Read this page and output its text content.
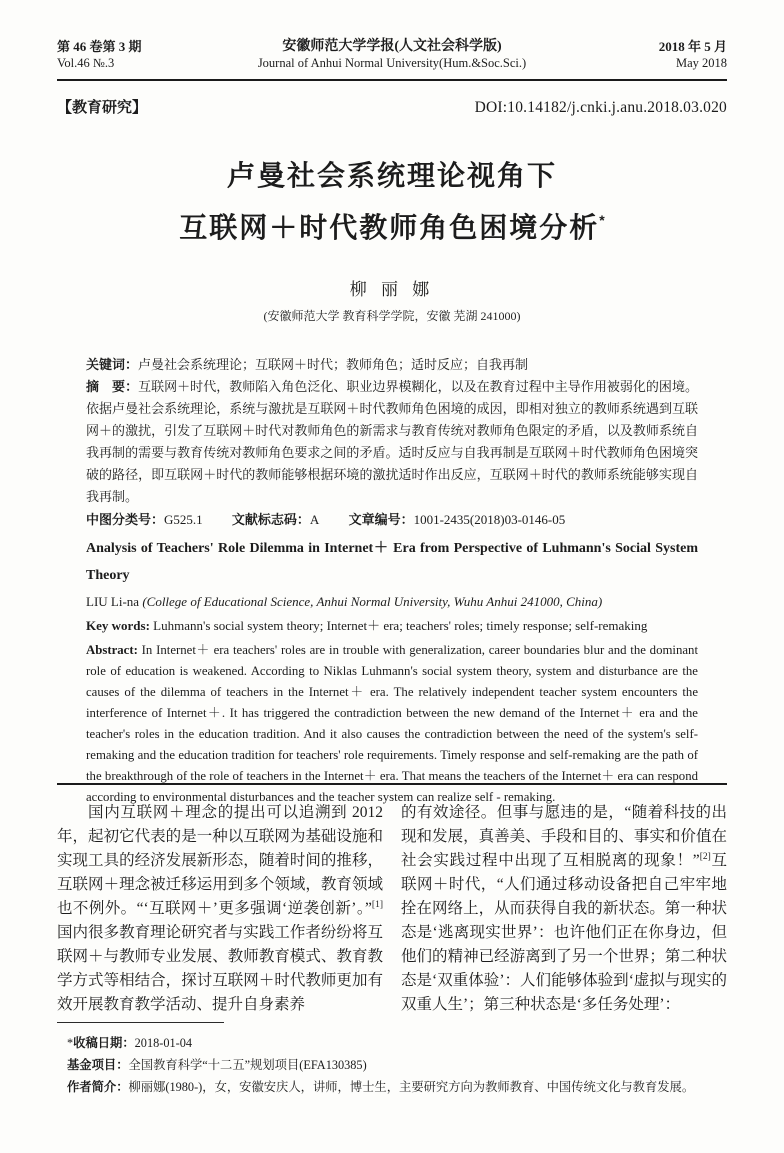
第 46 卷第 3 期
Vol.46 №.3
安徽师范大学学报(人文社会科学版)
Journal of Anhui Normal University(Hum.&Soc.Sci.)
2018 年 5 月
May 2018
【教育研究】	DOI:10.14182/j.cnki.j.anu.2018.03.020
卢曼社会系统理论视角下
互联网＋时代教师角色困境分析*
柳 丽 娜
(安徽师范大学 教育科学学院，安徽 芜湖 241000)
关键词：卢曼社会系统理论；互联网＋时代；教师角色；适时反应；自我再制
摘　要：互联网＋时代，教师陷入角色泛化、职业边界模糊化，以及在教育过程中主导作用被弱化的困境。依据卢曼社会系统理论，系统与激扰是互联网＋时代教师角色困境的成因，即相对独立的教师系统遇到互联网＋的激扰，引发了互联网＋时代对教师角色的新需求与教育传统对教师角色限定的矛盾，以及教师系统自我再制的需要与教育传统对教师角色要求之间的矛盾。适时反应与自我再制是互联网＋时代教师角色困境突破的路径，即互联网＋时代的教师能够根据环境的激扰适时作出反应，互联网＋时代的教师系统能够实现自我再制。
中图分类号：G525.1 文献标志码：A 文章编号：1001-2435(2018)03-0146-05
Analysis of Teachers' Role Dilemma in Internet＋ Era from Perspective of Luhmann's Social System Theory
LIU Li-na (College of Educational Science, Anhui Normal University, Wuhu Anhui 241000, China)
Key words: Luhmann's social system theory; Internet＋ era; teachers' roles; timely response; self-remaking
Abstract: In Internet＋ era teachers' roles are in trouble with generalization, career boundaries blur and the dominant role of education is weakened. According to Niklas Luhmann's social system theory, system and disturbance are the causes of the dilemma of teachers in the Internet＋ era. The relatively independent teacher system encounters the interference of Internet＋. It has triggered the contradiction between the new demand of the Internet＋ era and the teacher's roles in the education tradition. And it also causes the contradiction between the need of the system's self-remaking and the education tradition for teachers' role requirements. Timely response and self-remaking are the path of the breakthrough of the role of teachers in the Internet＋ era. That means the teachers of the Internet＋ era can respond according to environmental disturbances and the teacher system can realize self - remaking.

国内互联网＋理念的提出可以追溯到 2012 年，起初它代表的是一种以互联网为基础设施和实现工具的经济发展新形态，随着时间的推移，互联网＋理念被迁移运用到多个领域，教育领域也不例外。“‘互联网＋’更多强调‘逆袭创新’。”[1]国内很多教育理论研究者与实践工作者纷纷将互联网＋与教师专业发展、教师教育模式、教育教学方式等相结合，探讨互联网＋时代教师更加有效开展教育教学活动、提升自身素养

的有效途径。但事与愿违的是，“随着科技的出现和发展，真善美、手段和目的、事实和价值在社会实践过程中出现了互相脱离的现象！”[2]互联网＋时代，“人们通过移动设备把自己牢牢地拴在网络上，从而获得自我的新状态。第一种状态是‘逃离现实世界’：也许他们正在你身边，但他们的精神已经游离到了另一个世界；第二种状态是‘双重体验’：人们能够体验到‘虚拟与现实的双重人生’；第三种状态是‘多任务处理’：

*收稿日期：2018-01-04
基金项目：全国教育科学“十二五”规划项目(EFA130385)
作者简介：柳丽娜(1980-)，女，安徽安庆人，讲师，博士生，主要研究方向为教师教育、中国传统文化与教育发展。
